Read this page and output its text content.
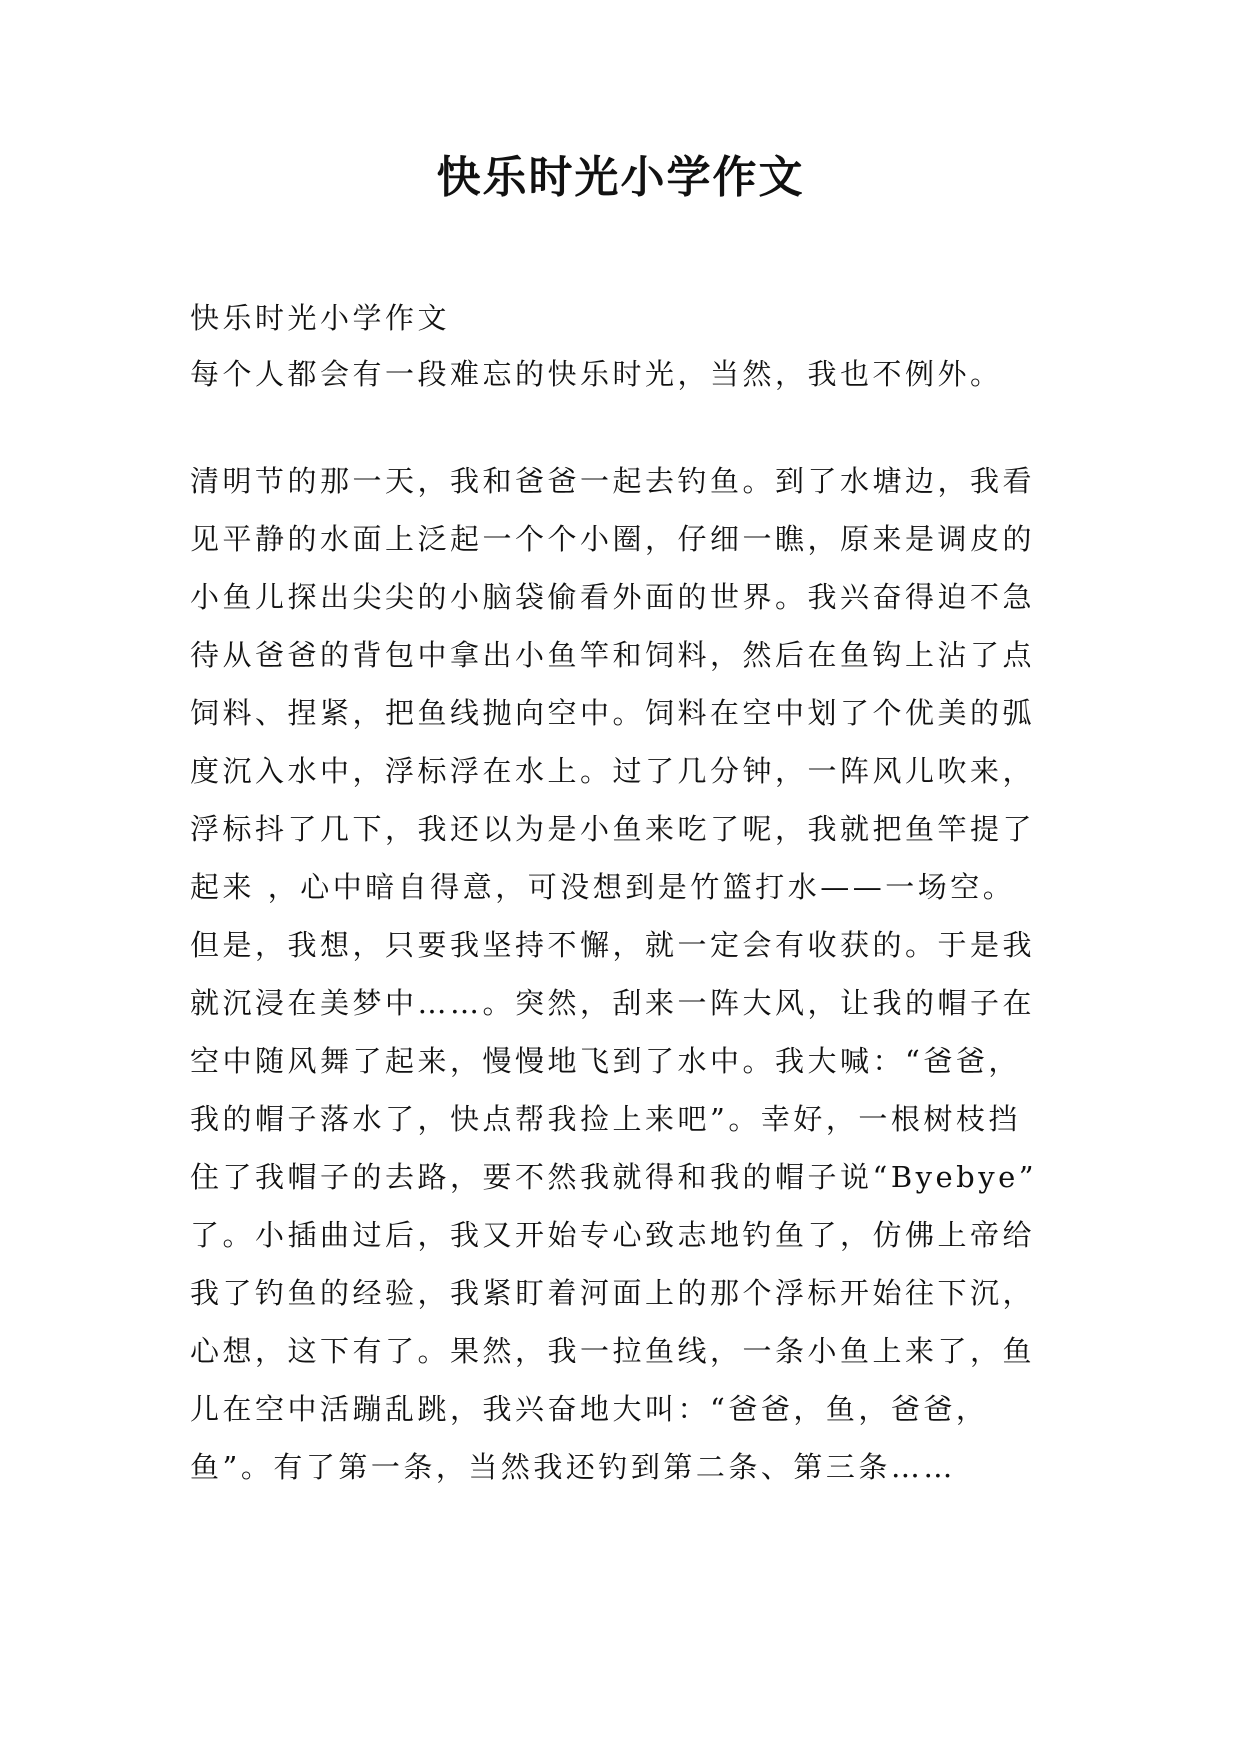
快乐时光小学作文
快乐时光小学作文
每个人都会有一段难忘的快乐时光，当然，我也不例外。
清明节的那一天，我和爸爸一起去钓鱼。到了水塘边，我看
见平静的水面上泛起一个个小圈，仔细一瞧，原来是调皮的
小鱼儿探出尖尖的小脑袋偷看外面的世界。我兴奋得迫不急
待从爸爸的背包中拿出小鱼竿和饲料，然后在鱼钩上沾了点
饲料、捏紧，把鱼线抛向空中。饲料在空中划了个优美的弧
度沉入水中，浮标浮在水上。过了几分钟，一阵风儿吹来，
浮标抖了几下，我还以为是小鱼来吃了呢，我就把鱼竿提了
起来 ，心中暗自得意，可没想到是竹篮打水——一场空。
但是，我想，只要我坚持不懈，就一定会有收获的。于是我
就沉浸在美梦中……。突然，刮来一阵大风，让我的帽子在
空中随风舞了起来，慢慢地飞到了水中。我大喊：“爸爸，
我的帽子落水了，快点帮我捡上来吧”。幸好，一根树枝挡
住了我帽子的去路，要不然我就得和我的帽子说“Byebye”
了。小插曲过后，我又开始专心致志地钓鱼了，仿佛上帝给
我了钓鱼的经验，我紧盯着河面上的那个浮标开始往下沉，
心想，这下有了。果然，我一拉鱼线，一条小鱼上来了，鱼
儿在空中活蹦乱跳，我兴奋地大叫：“爸爸，鱼，爸爸，
鱼”。有了第一条，当然我还钓到第二条、第三条……
